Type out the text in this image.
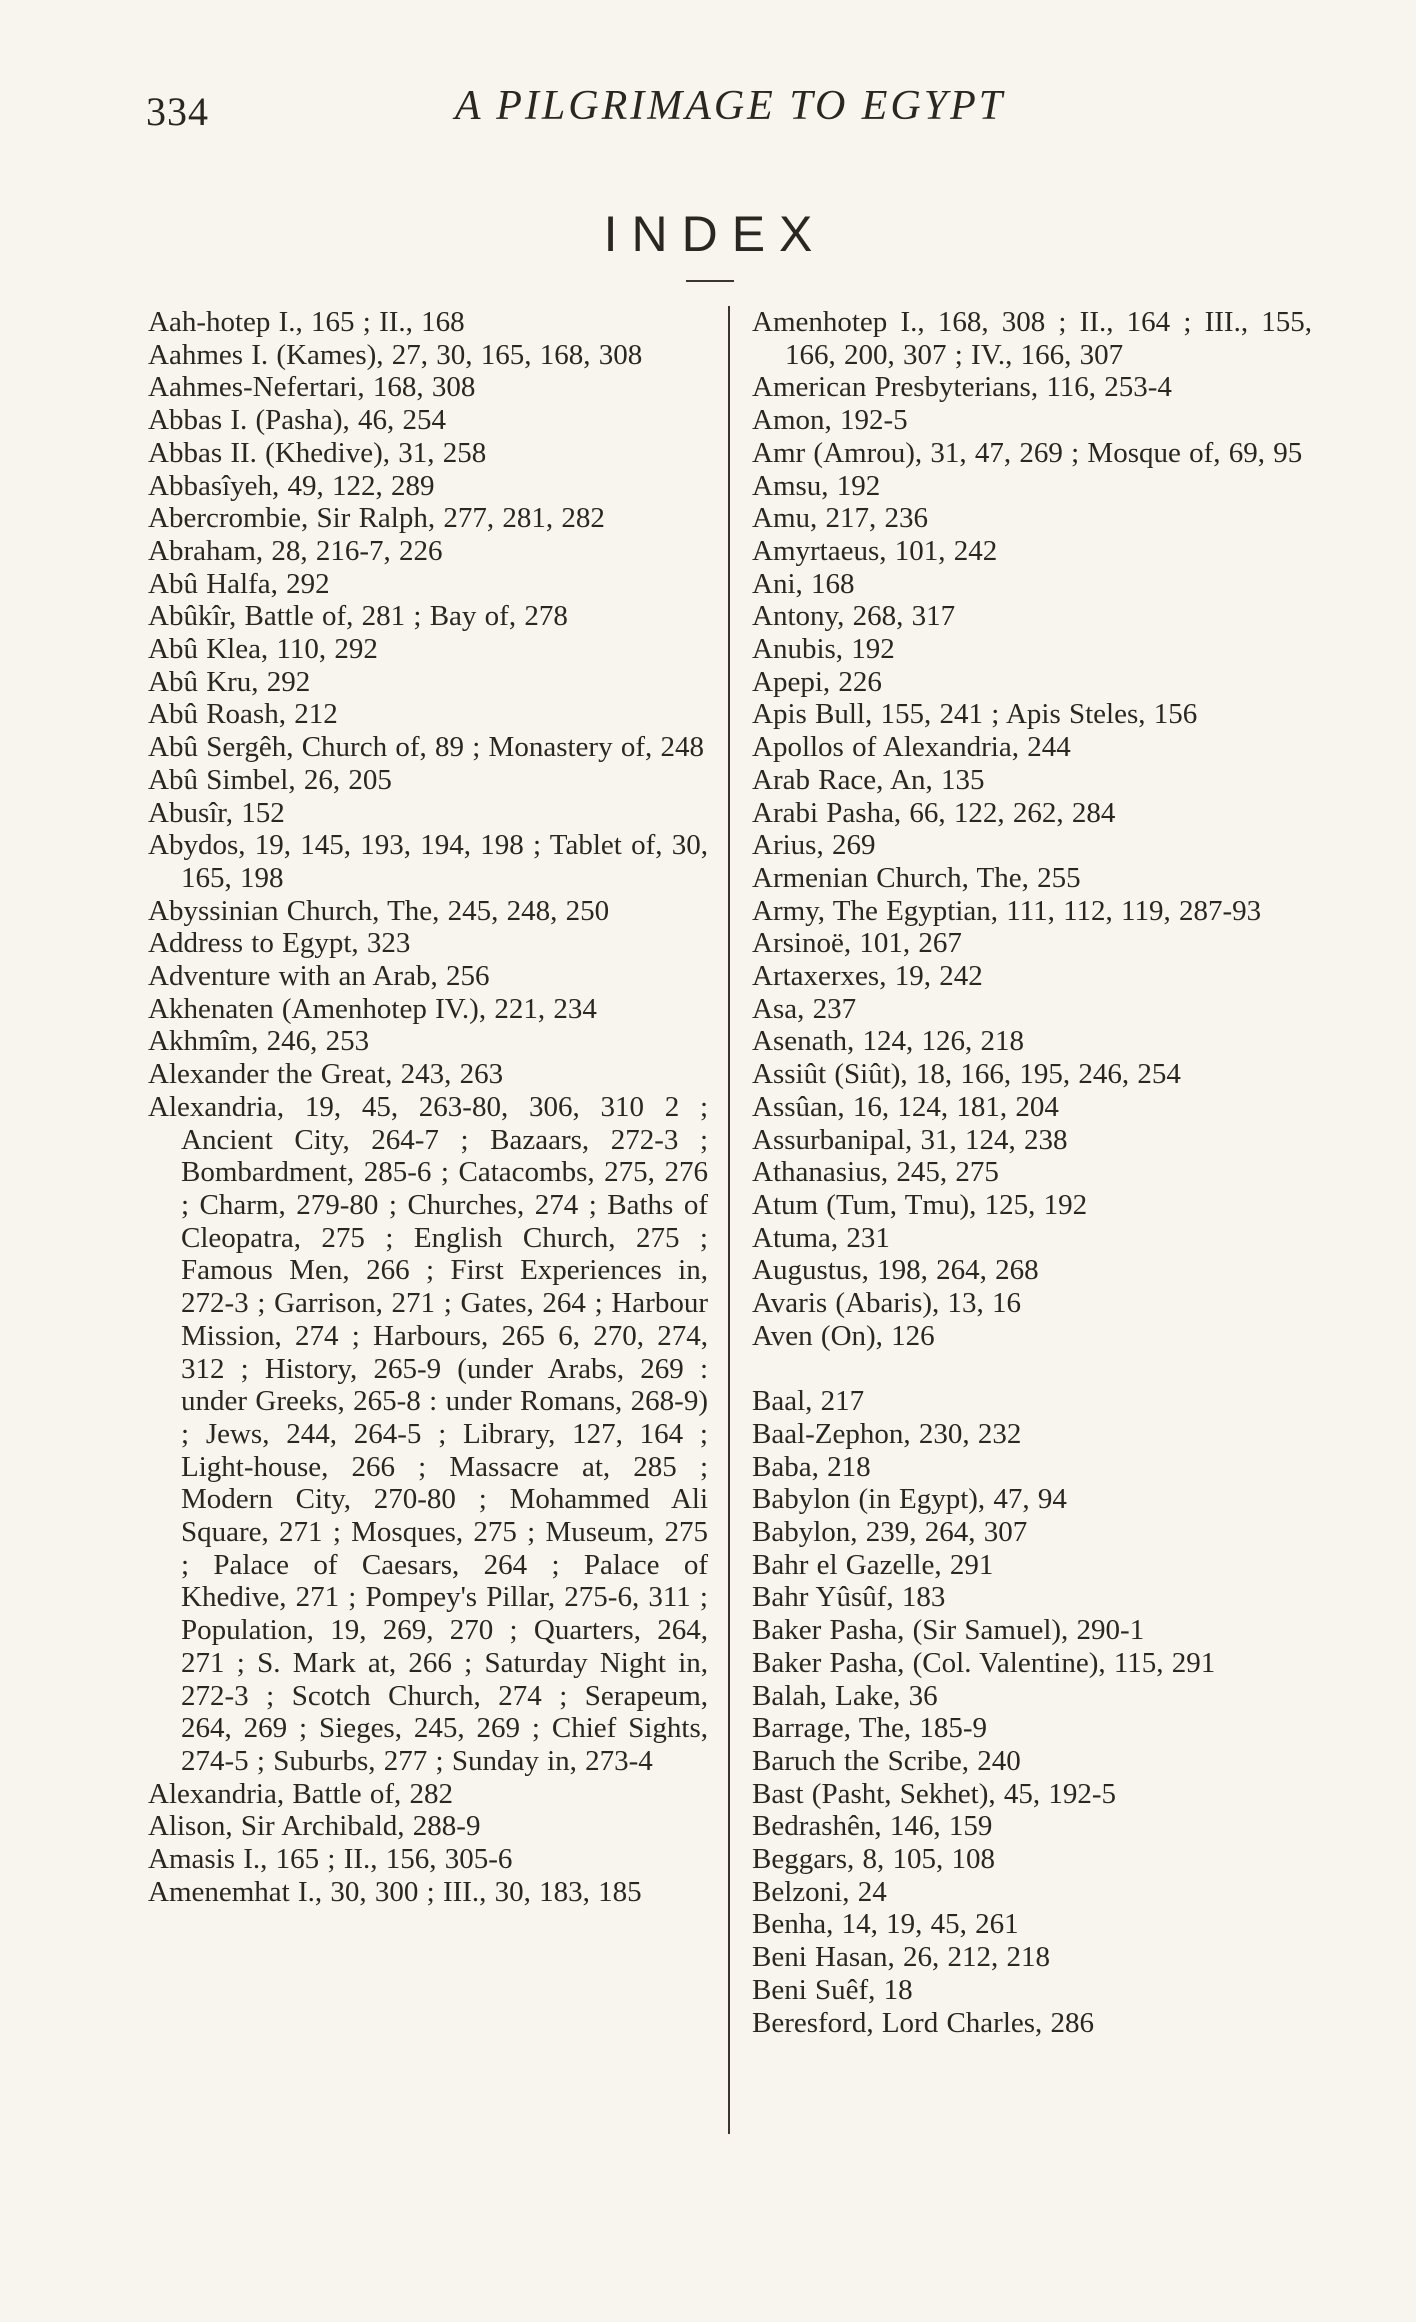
334	A PILGRIMAGE TO EGYPT
INDEX
Aah-hotep I., 165 ; II., 168
Aahmes I. (Kames), 27, 30, 165, 168, 308
Aahmes-Nefertari, 168, 308
Abbas I. (Pasha), 46, 254
Abbas II. (Khedive), 31, 258
Abbasîyeh, 49, 122, 289
Abercrombie, Sir Ralph, 277, 281, 282
Abraham, 28, 216-7, 226
Abû Halfa, 292
Abûkîr, Battle of, 281 ; Bay of, 278
Abû Klea, 110, 292
Abû Kru, 292
Abû Roash, 212
Abû Sergêh, Church of, 89 ; Monastery of, 248
Abû Simbel, 26, 205
Abusîr, 152
Abydos, 19, 145, 193, 194, 198 ; Tablet of, 30, 165, 198
Abyssinian Church, The, 245, 248, 250
Address to Egypt, 323
Adventure with an Arab, 256
Akhenaten (Amenhotep IV.), 221, 234
Akhmîm, 246, 253
Alexander the Great, 243, 263
Alexandria, 19, 45, 263-80, 306, 310 2 ; Ancient City, 264-7 ; Bazaars, 272-3 ; Bombardment, 285-6 ; Catacombs, 275, 276 ; Charm, 279-80 ; Churches, 274 ; Baths of Cleopatra, 275 ; English Church, 275 ; Famous Men, 266 ; First Experiences in, 272-3 ; Garrison, 271 ; Gates, 264 ; Harbour Mission, 274 ; Harbours, 265 6, 270, 274, 312 ; History, 265-9 (under Arabs, 269 : under Greeks, 265-8 : under Romans, 268-9) ; Jews, 244, 264-5 ; Library, 127, 164 ; Light-house, 266 ; Massacre at, 285 ; Modern City, 270-80 ; Mohammed Ali Square, 271 ; Mosques, 275 ; Museum, 275 ; Palace of Caesars, 264 ; Palace of Khedive, 271 ; Pompey's Pillar, 275-6, 311 ; Population, 19, 269, 270 ; Quarters, 264, 271 ; S. Mark at, 266 ; Saturday Night in, 272-3 ; Scotch Church, 274 ; Serapeum, 264, 269 ; Sieges, 245, 269 ; Chief Sights, 274-5 ; Suburbs, 277 ; Sunday in, 273-4
Alexandria, Battle of, 282
Alison, Sir Archibald, 288-9
Amasis I., 165 ; II., 156, 305-6
Amenemhat I., 30, 300 ; III., 30, 183, 185
Amenhotep I., 168, 308 ; II., 164 ; III., 155, 166, 200, 307 ; IV., 166, 307
American Presbyterians, 116, 253-4
Amon, 192-5
Amr (Amrou), 31, 47, 269 ; Mosque of, 69, 95
Amsu, 192
Amu, 217, 236
Amyrtaeus, 101, 242
Ani, 168
Antony, 268, 317
Anubis, 192
Apepi, 226
Apis Bull, 155, 241 ; Apis Steles, 156
Apollos of Alexandria, 244
Arab Race, An, 135
Arabi Pasha, 66, 122, 262, 284
Arius, 269
Armenian Church, The, 255
Army, The Egyptian, 111, 112, 119, 287-93
Arsinoë, 101, 267
Artaxerxes, 19, 242
Asa, 237
Asenath, 124, 126, 218
Assiût (Siût), 18, 166, 195, 246, 254
Assûan, 16, 124, 181, 204
Assurbanipal, 31, 124, 238
Athanasius, 245, 275
Atum (Tum, Tmu), 125, 192
Atuma, 231
Augustus, 198, 264, 268
Avaris (Abaris), 13, 16
Aven (On), 126
Baal, 217
Baal-Zephon, 230, 232
Baba, 218
Babylon (in Egypt), 47, 94
Babylon, 239, 264, 307
Bahr el Gazelle, 291
Bahr Yûsûf, 183
Baker Pasha, (Sir Samuel), 290-1
Baker Pasha, (Col. Valentine), 115, 291
Balah, Lake, 36
Barrage, The, 185-9
Baruch the Scribe, 240
Bast (Pasht, Sekhet), 45, 192-5
Bedrashên, 146, 159
Beggars, 8, 105, 108
Belzoni, 24
Benha, 14, 19, 45, 261
Beni Hasan, 26, 212, 218
Beni Suêf, 18
Beresford, Lord Charles, 286
